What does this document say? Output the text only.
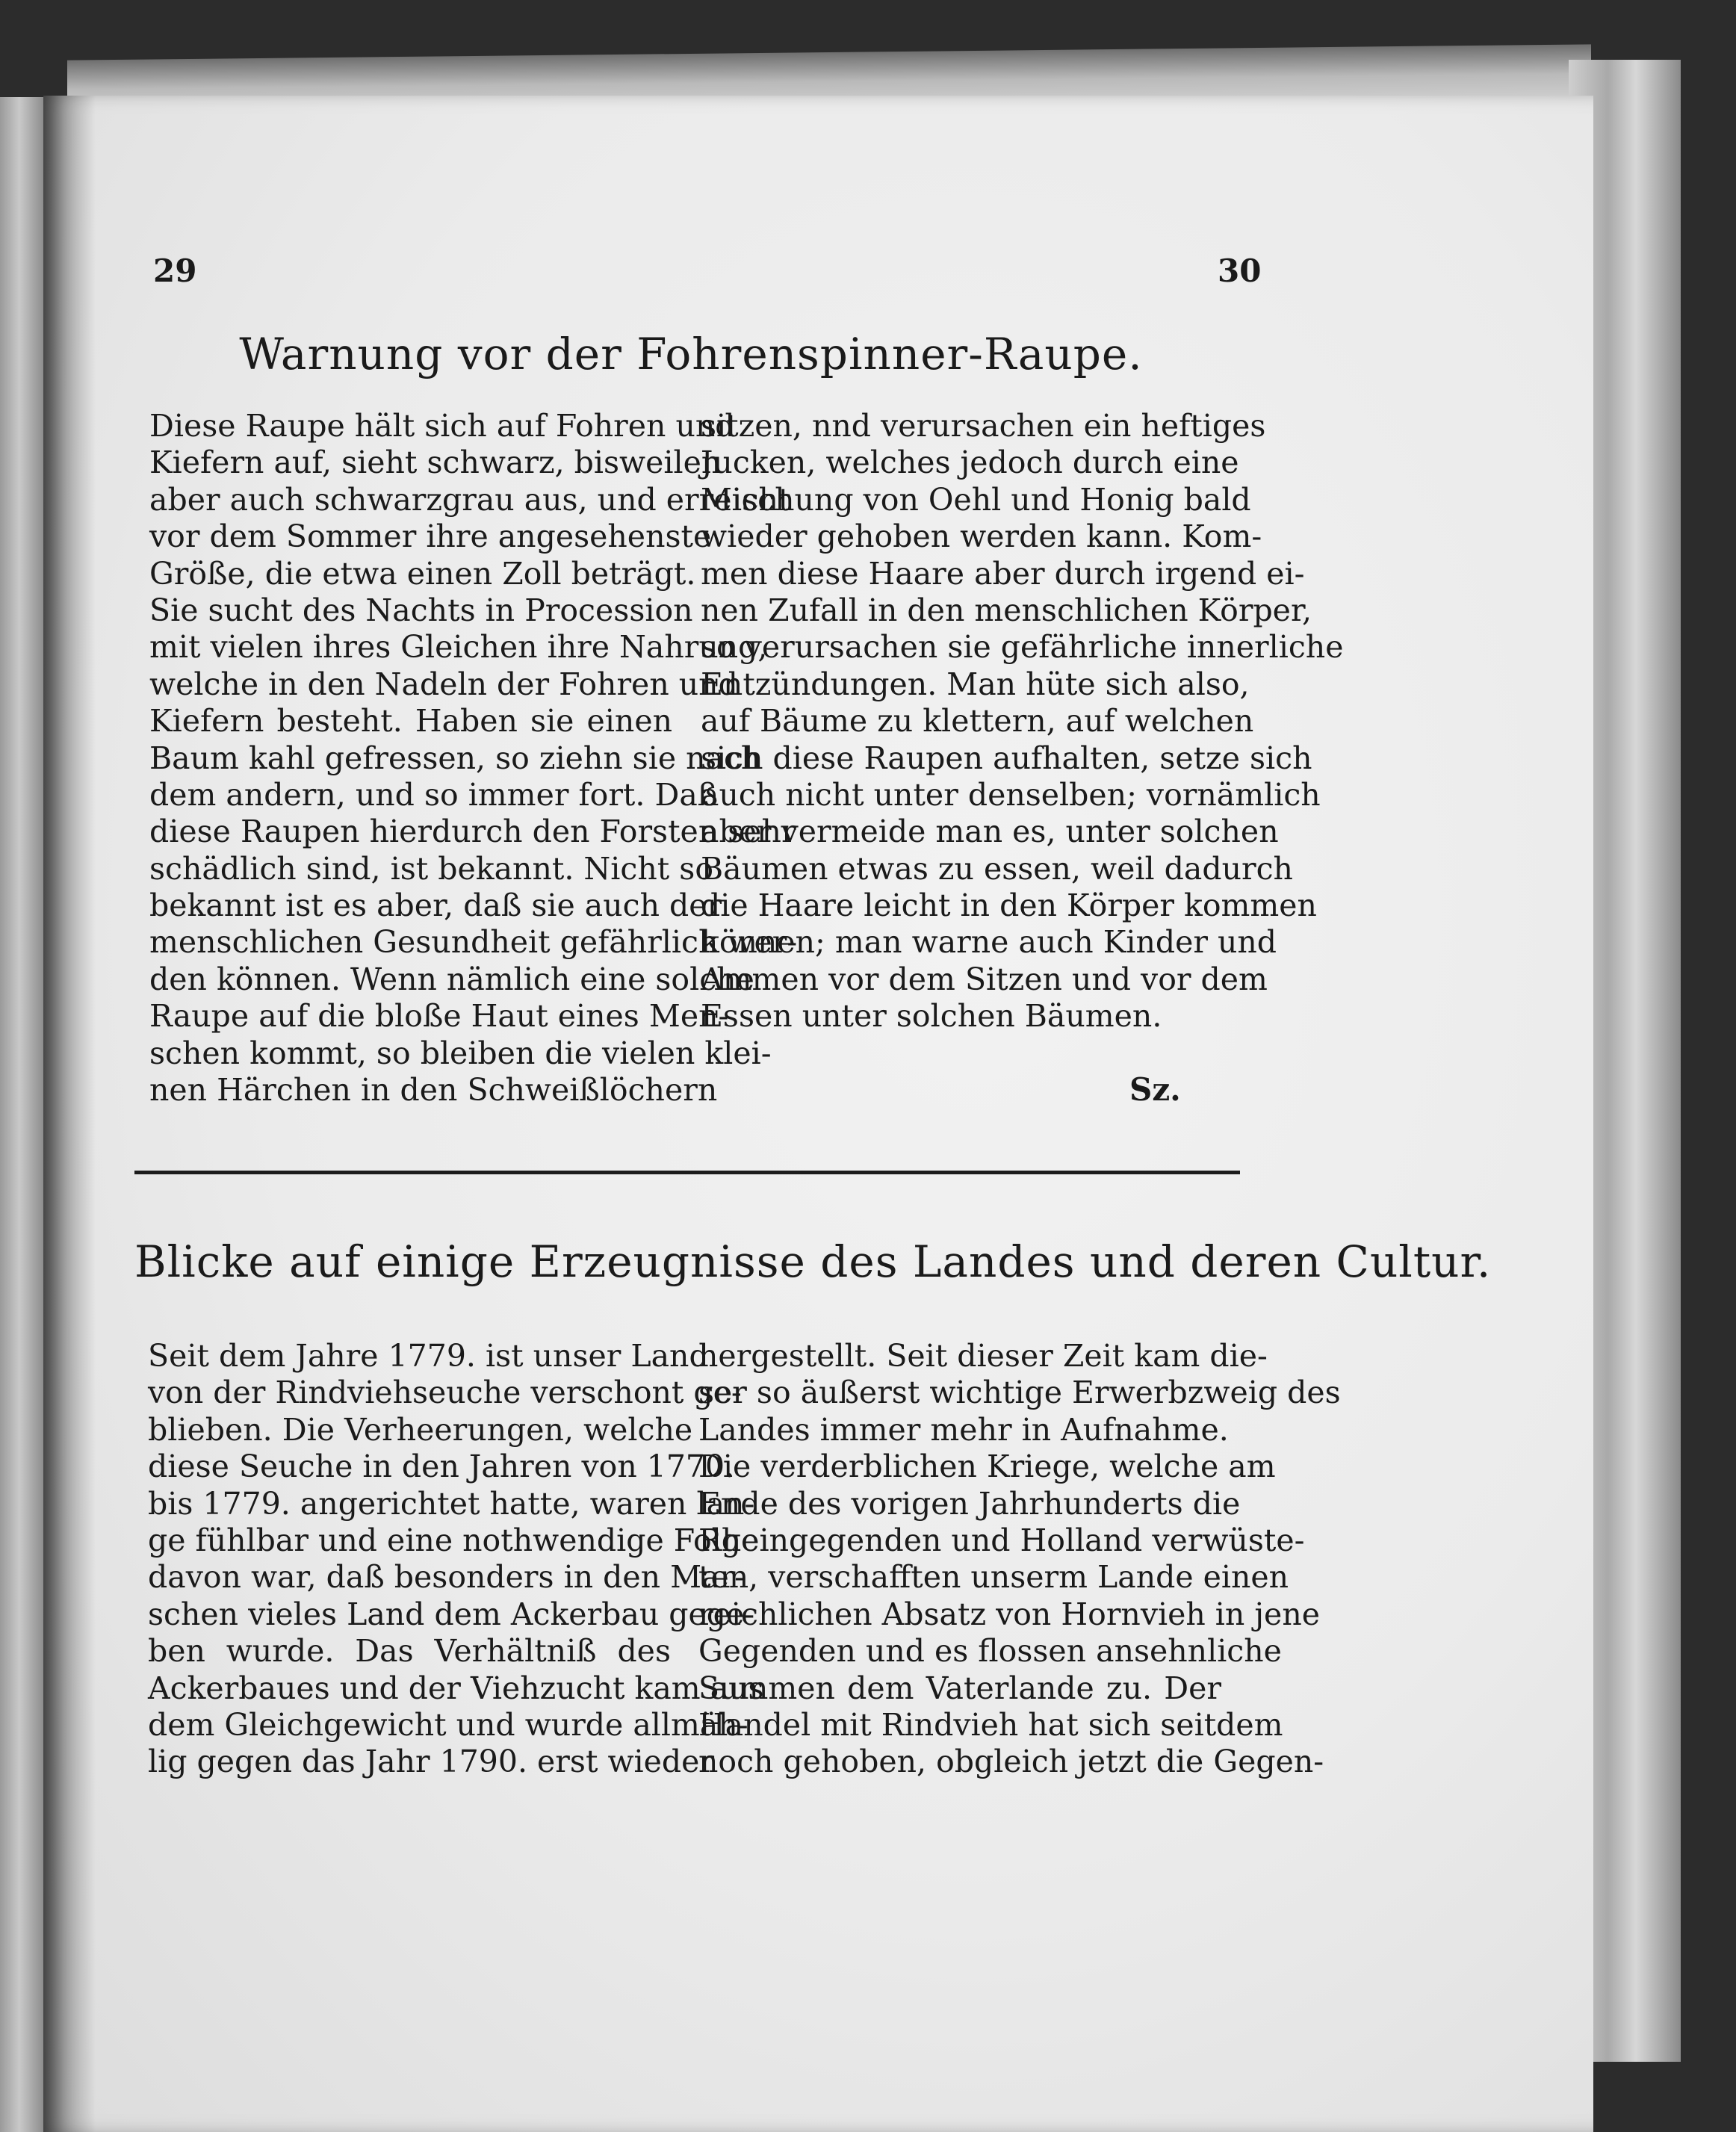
29	30
Warnung vor der Fohrenspinner-Raupe.
Diese Raupe hält sich auf Fohren und
Kiefern auf, sieht schwarz, bisweilen
aber auch schwarzgrau aus, und erreicht
vor dem Sommer ihre angesehenste
Größe, die etwa einen Zoll beträgt.
Sie sucht des Nachts in Procession
mit vielen ihres Gleichen ihre Nahrung,
welche in den Nadeln der Fohren und
Kiefern besteht. Haben sie einen
Baum kahl gefressen, so ziehn sie nach
dem andern, und so immer fort. Daß
diese Raupen hierdurch den Forsten sehr
schädlich sind, ist bekannt. Nicht so
bekannt ist es aber, daß sie auch der
menschlichen Gesundheit gefährlich wer-
den können. Wenn nämlich eine solche
Raupe auf die bloße Haut eines Men-
schen kommt, so bleiben die vielen klei-
nen Härchen in den Schweißlöchern
sitzen, nnd verursachen ein heftiges
Jucken, welches jedoch durch eine
Mischung von Oehl und Honig bald
wieder gehoben werden kann. Kom-
men diese Haare aber durch irgend ei-
nen Zufall in den menschlichen Körper,
so verursachen sie gefährliche innerliche
Entzündungen. Man hüte sich also,
auf Bäume zu klettern, auf welchen
sich diese Raupen aufhalten, setze sich
auch nicht unter denselben; vornämlich
aber vermeide man es, unter solchen
Bäumen etwas zu essen, weil dadurch
die Haare leicht in den Körper kommen
können; man warne auch Kinder und
Ammen vor dem Sitzen und vor dem
Essen unter solchen Bäumen.
Sz.
Blicke auf einige Erzeugnisse des Landes und deren Cultur.
Seit dem Jahre 1779. ist unser Land
von der Rindviehseuche verschont ge-
blieben. Die Verheerungen, welche
diese Seuche in den Jahren von 1770.
bis 1779. angerichtet hatte, waren lan-
ge fühlbar und eine nothwendige Folge
davon war, daß besonders in den Mar-
schen vieles Land dem Ackerbau gege-
ben wurde. Das Verhältniß des
Ackerbaues und der Viehzucht kam aus
dem Gleichgewicht und wurde allmäh-
lig gegen das Jahr 1790. erst wieder
hergestellt. Seit dieser Zeit kam die-
ser so äußerst wichtige Erwerbzweig des
Landes immer mehr in Aufnahme.
Die verderblichen Kriege, welche am
Ende des vorigen Jahrhunderts die
Rheingegenden und Holland verwüste-
ten, verschafften unserm Lande einen
reichlichen Absatz von Hornvieh in jene
Gegenden und es flossen ansehnliche
Summen dem Vaterlande zu. Der
Handel mit Rindvieh hat sich seitdem
noch gehoben, obgleich jetzt die Gegen-
